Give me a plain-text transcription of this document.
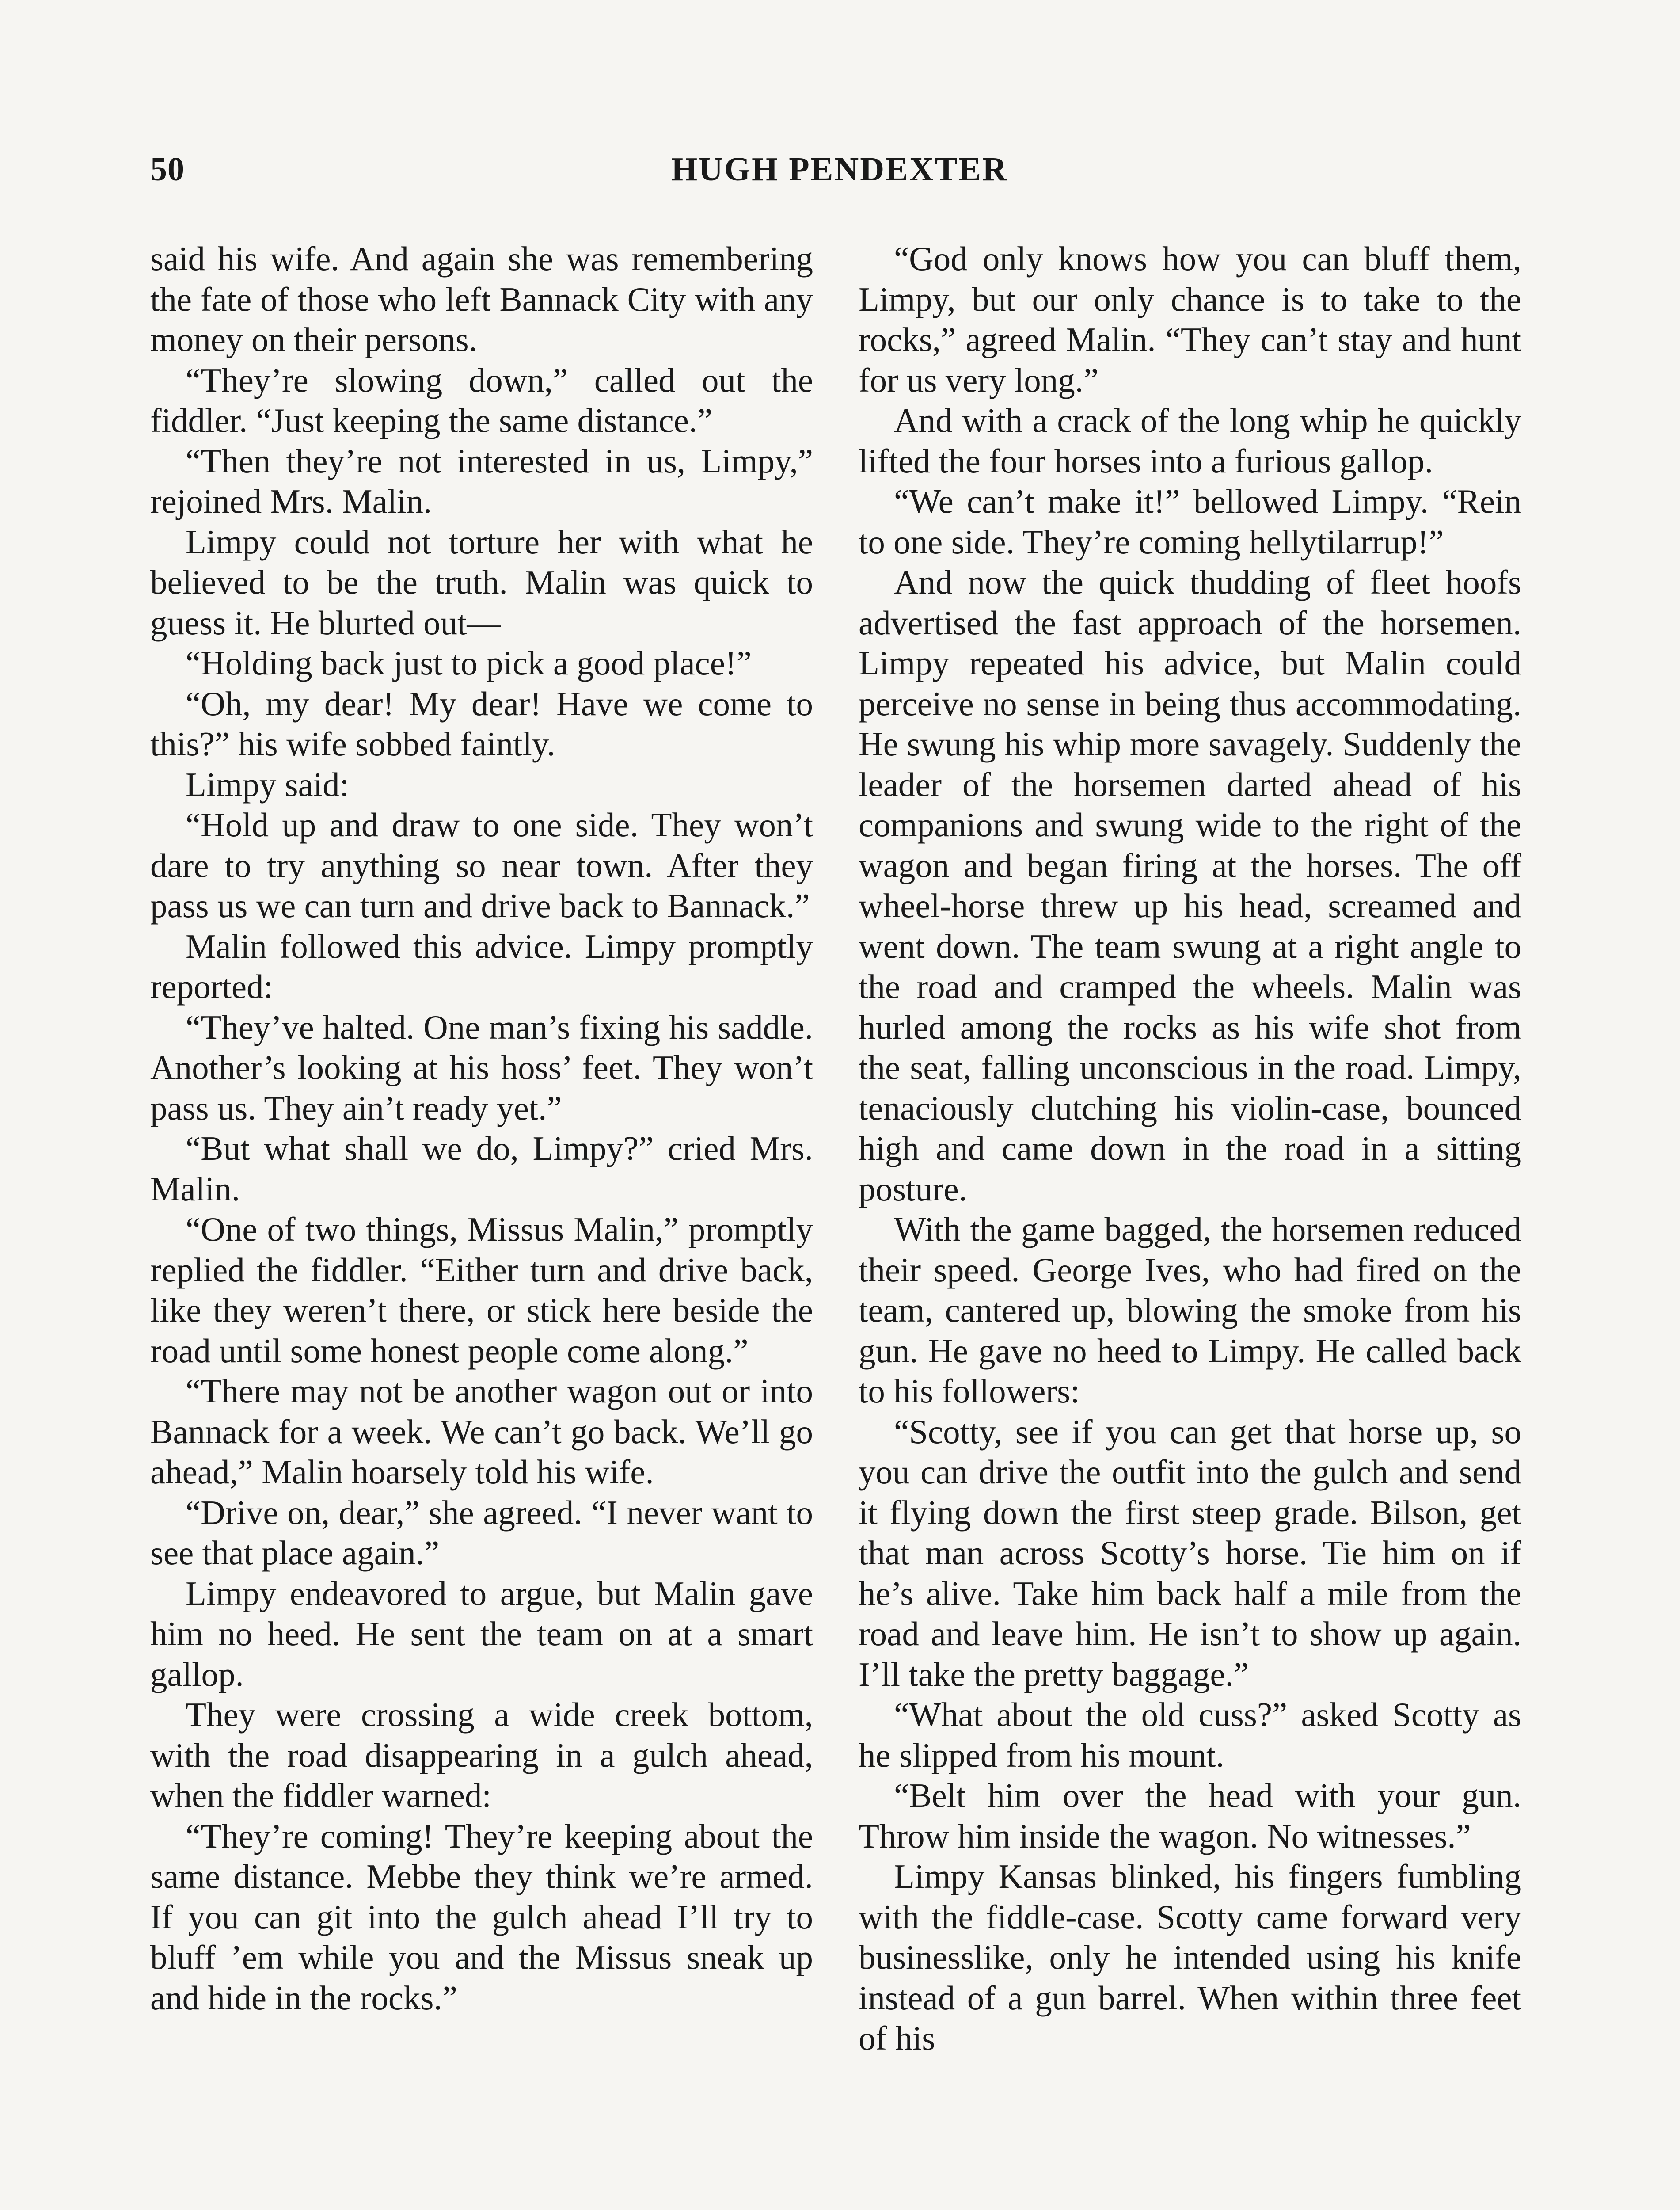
50	HUGH PENDEXTER

said his wife. And again she was remembering the fate of those who left Bannack City with any money on their persons.

“They’re slowing down,” called out the fiddler. “Just keeping the same distance.”

“Then they’re not interested in us, Limpy,” rejoined Mrs. Malin.

Limpy could not torture her with what he believed to be the truth. Malin was quick to guess it. He blurted out—

“Holding back just to pick a good place!”

“Oh, my dear! My dear! Have we come to this?” his wife sobbed faintly.

Limpy said:

“Hold up and draw to one side. They won’t dare to try anything so near town. After they pass us we can turn and drive back to Bannack.”

Malin followed this advice. Limpy promptly reported:

“They’ve halted. One man’s fixing his saddle. Another’s looking at his hoss’ feet. They won’t pass us. They ain’t ready yet.”

“But what shall we do, Limpy?” cried Mrs. Malin.

“One of two things, Missus Malin,” promptly replied the fiddler. “Either turn and drive back, like they weren’t there, or stick here beside the road until some honest people come along.”

“There may not be another wagon out or into Bannack for a week. We can’t go back. We’ll go ahead,” Malin hoarsely told his wife.

“Drive on, dear,” she agreed. “I never want to see that place again.”

Limpy endeavored to argue, but Malin gave him no heed. He sent the team on at a smart gallop.

They were crossing a wide creek bottom, with the road disappearing in a gulch ahead, when the fiddler warned:

“They’re coming! They’re keeping about the same distance. Mebbe they think we’re armed. If you can git into the gulch ahead I’ll try to bluff ’em while you and the Missus sneak up and hide in the rocks.”

“God only knows how you can bluff them, Limpy, but our only chance is to take to the rocks,” agreed Malin. “They can’t stay and hunt for us very long.”

And with a crack of the long whip he quickly lifted the four horses into a furious gallop.

“We can’t make it!” bellowed Limpy. “Rein to one side. They’re coming hellytilarrup!”

And now the quick thudding of fleet hoofs advertised the fast approach of the horsemen. Limpy repeated his advice, but Malin could perceive no sense in being thus accommodating. He swung his whip more savagely. Suddenly the leader of the horsemen darted ahead of his companions and swung wide to the right of the wagon and began firing at the horses. The off wheel-horse threw up his head, screamed and went down. The team swung at a right angle to the road and cramped the wheels. Malin was hurled among the rocks as his wife shot from the seat, falling unconscious in the road. Limpy, tenaciously clutching his violin-case, bounced high and came down in the road in a sitting posture.

With the game bagged, the horsemen reduced their speed. George Ives, who had fired on the team, cantered up, blowing the smoke from his gun. He gave no heed to Limpy. He called back to his followers:

“Scotty, see if you can get that horse up, so you can drive the outfit into the gulch and send it flying down the first steep grade. Bilson, get that man across Scotty’s horse. Tie him on if he’s alive. Take him back half a mile from the road and leave him. He isn’t to show up again. I’ll take the pretty baggage.”

“What about the old cuss?” asked Scotty as he slipped from his mount.

“Belt him over the head with your gun. Throw him inside the wagon. No witnesses.”

Limpy Kansas blinked, his fingers fumbling with the fiddle-case. Scotty came forward very businesslike, only he intended using his knife instead of a gun barrel. When within three feet of his
